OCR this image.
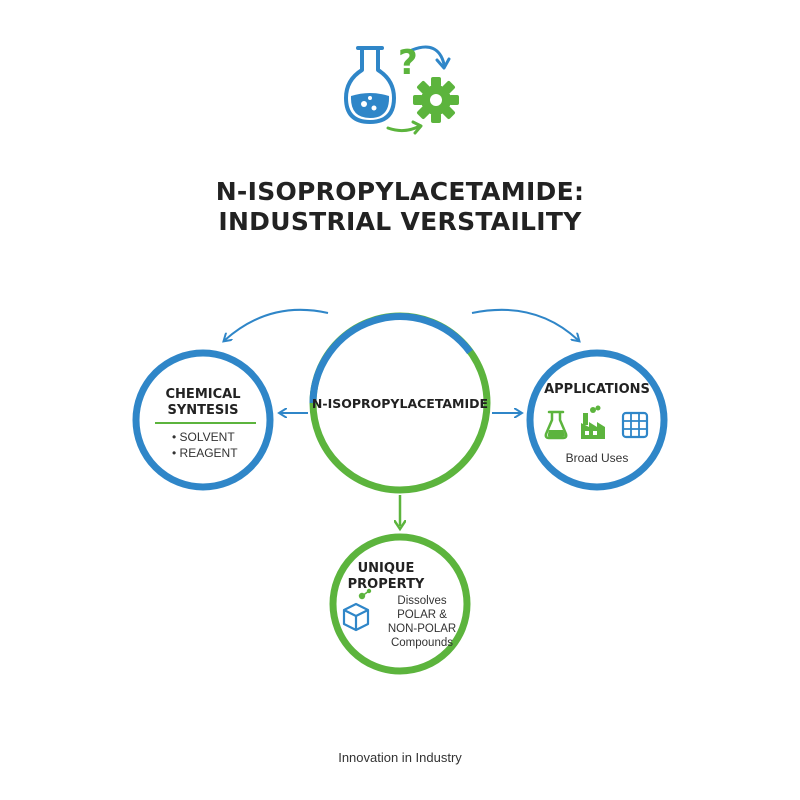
?
N-ISOPROPYLACETAMIDE:
INDUSTRIAL VERSTAILITY
N-ISOPROPYLACETAMIDE
CHEMICAL
SYNTESIS
• SOLVENT
• REAGENT
APPLICATIONS
Broad Uses
UNIQUE
PROPERTY
Dissolves
POLAR &
NON-POLAR
Compounds
Innovation in Industry
